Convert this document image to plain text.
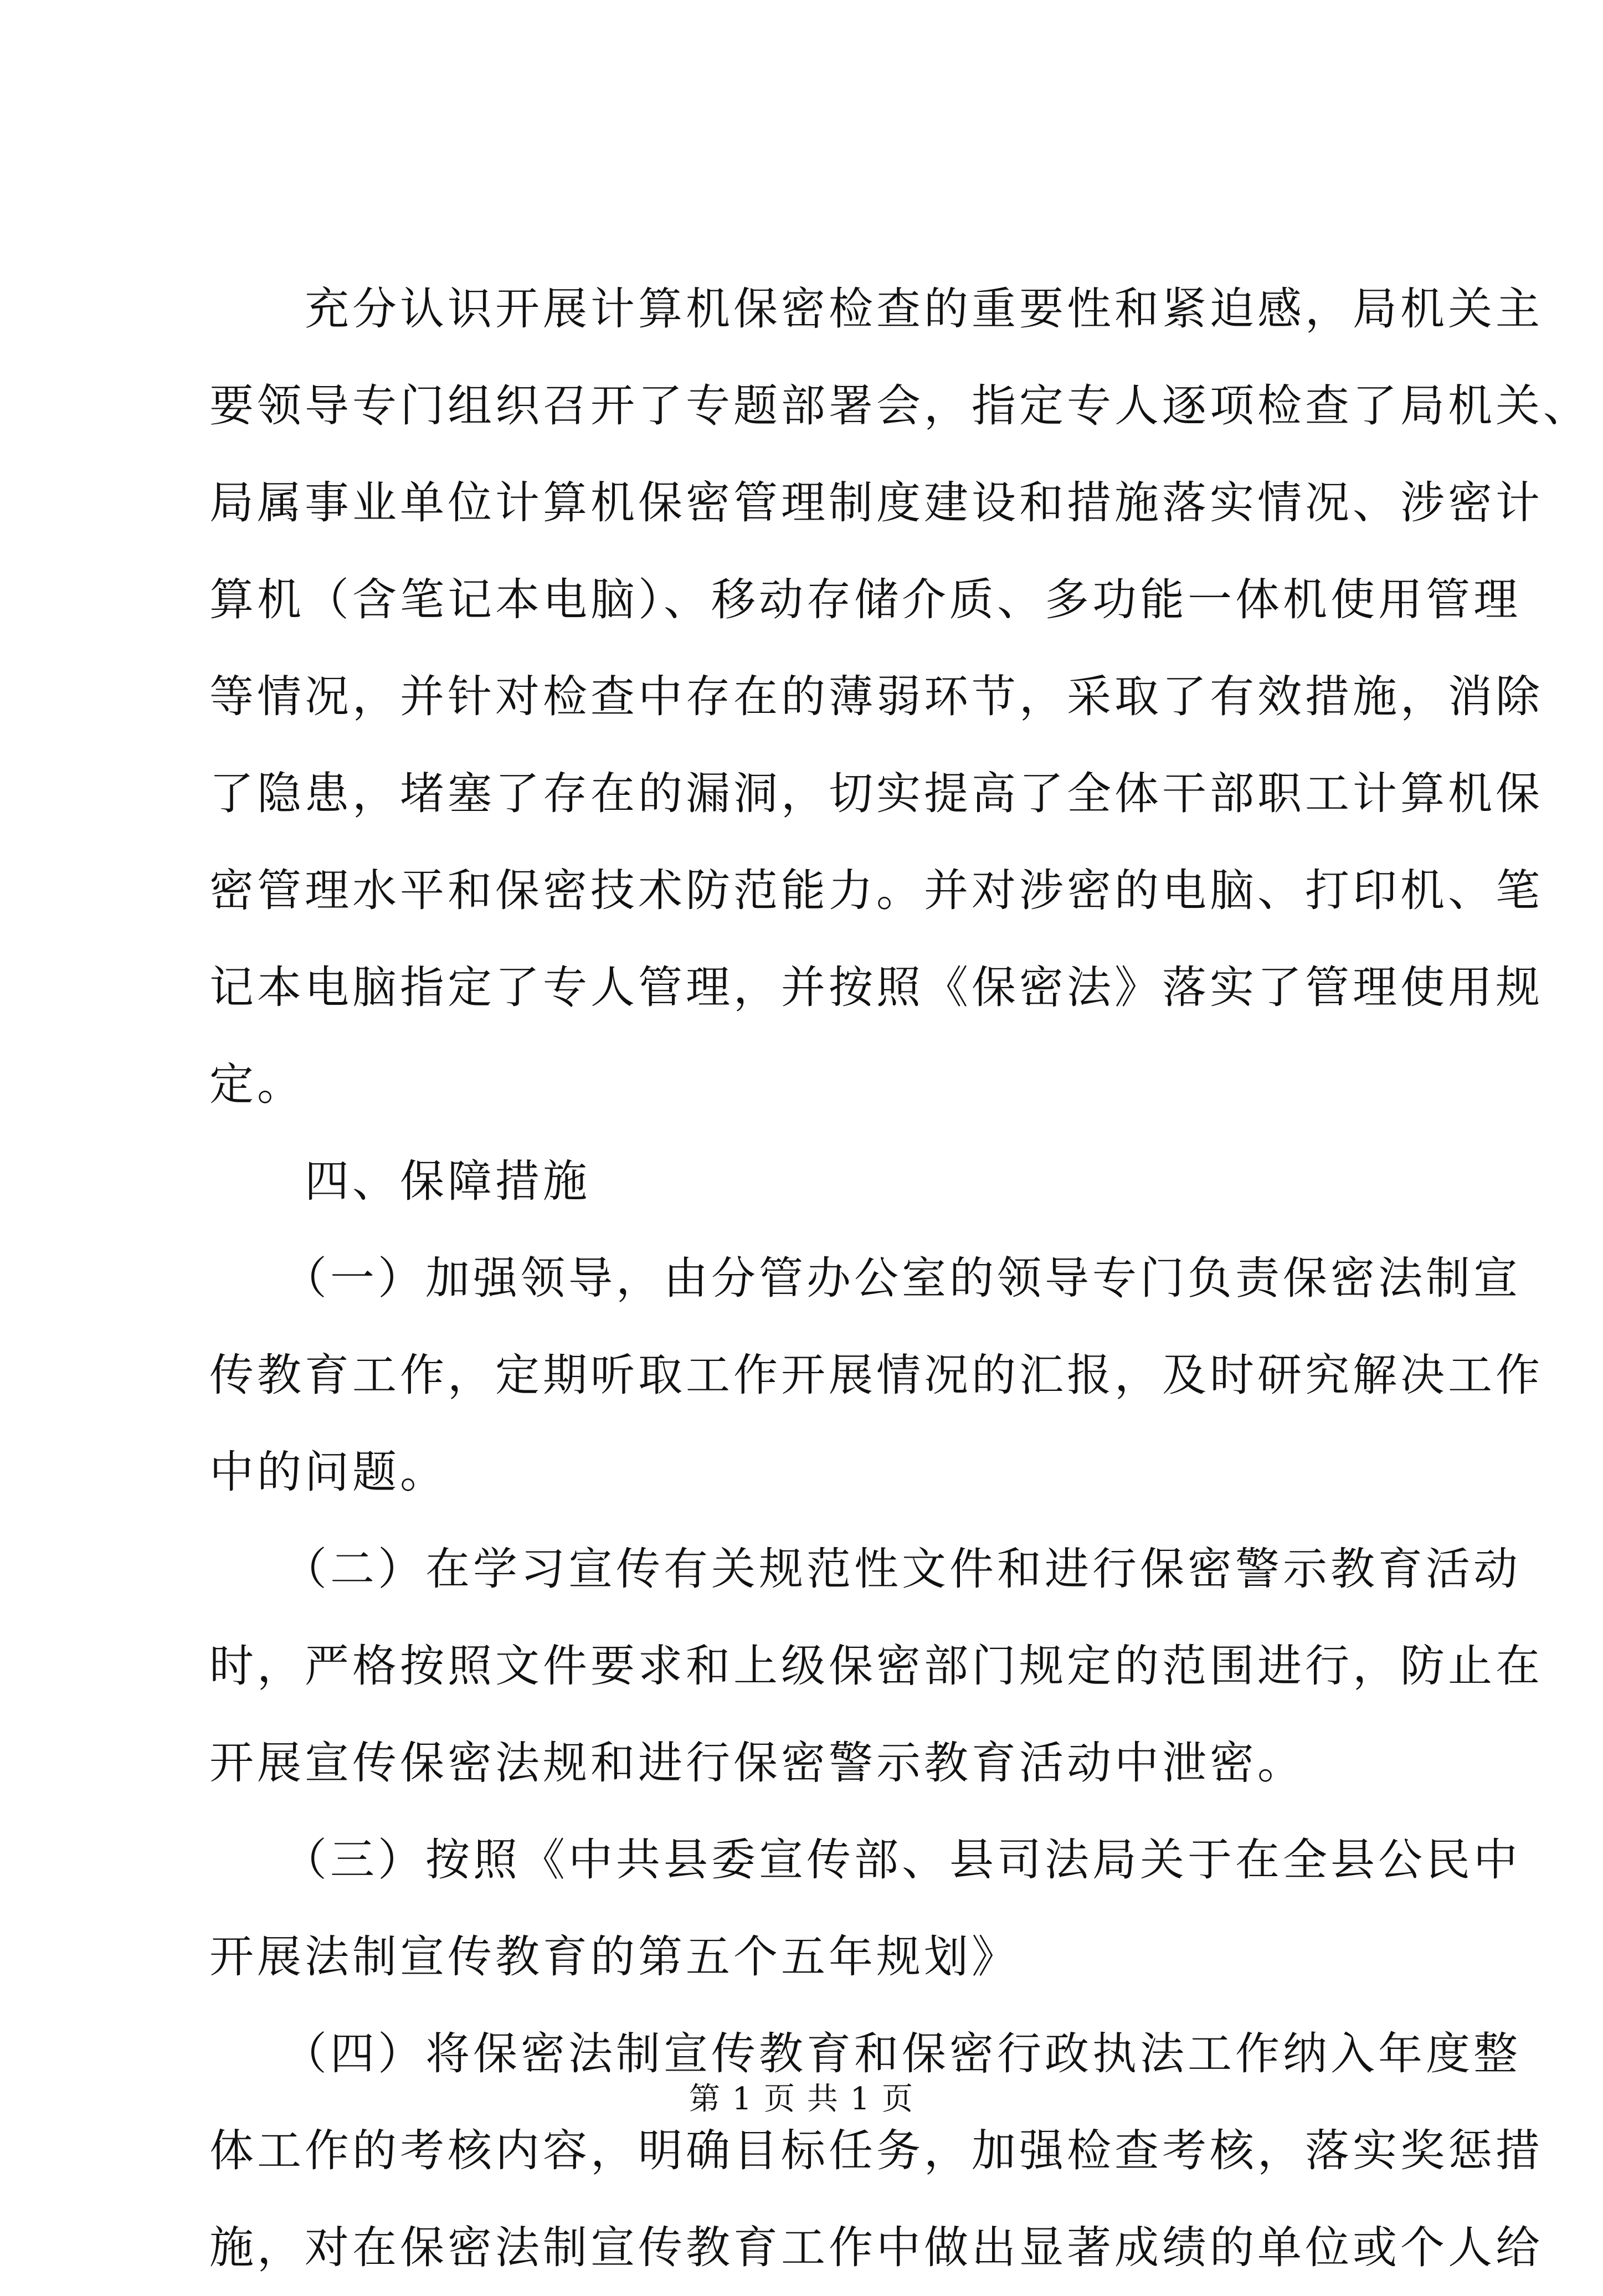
　　充分认识开展计算机保密检查的重要性和紧迫感，局机关主
要领导专门组织召开了专题部署会，指定专人逐项检查了局机关、
局属事业单位计算机保密管理制度建设和措施落实情况、涉密计
算机（含笔记本电脑）、移动存储介质、多功能一体机使用管理
等情况，并针对检查中存在的薄弱环节，采取了有效措施，消除
了隐患，堵塞了存在的漏洞，切实提高了全体干部职工计算机保
密管理水平和保密技术防范能力。并对涉密的电脑、打印机、笔
记本电脑指定了专人管理，并按照《保密法》落实了管理使用规
定。
　　四、保障措施
　　（一）加强领导，由分管办公室的领导专门负责保密法制宣
传教育工作，定期听取工作开展情况的汇报，及时研究解决工作
中的问题。
　　（二）在学习宣传有关规范性文件和进行保密警示教育活动
时，严格按照文件要求和上级保密部门规定的范围进行，防止在
开展宣传保密法规和进行保密警示教育活动中泄密。
　　（三）按照《中共县委宣传部、县司法局关于在全县公民中
开展法制宣传教育的第五个五年规划》
　　（四）将保密法制宣传教育和保密行政执法工作纳入年度整
体工作的考核内容，明确目标任务，加强检查考核，落实奖惩措
施，对在保密法制宣传教育工作中做出显著成绩的单位或个人给
第 1 页 共 1 页
